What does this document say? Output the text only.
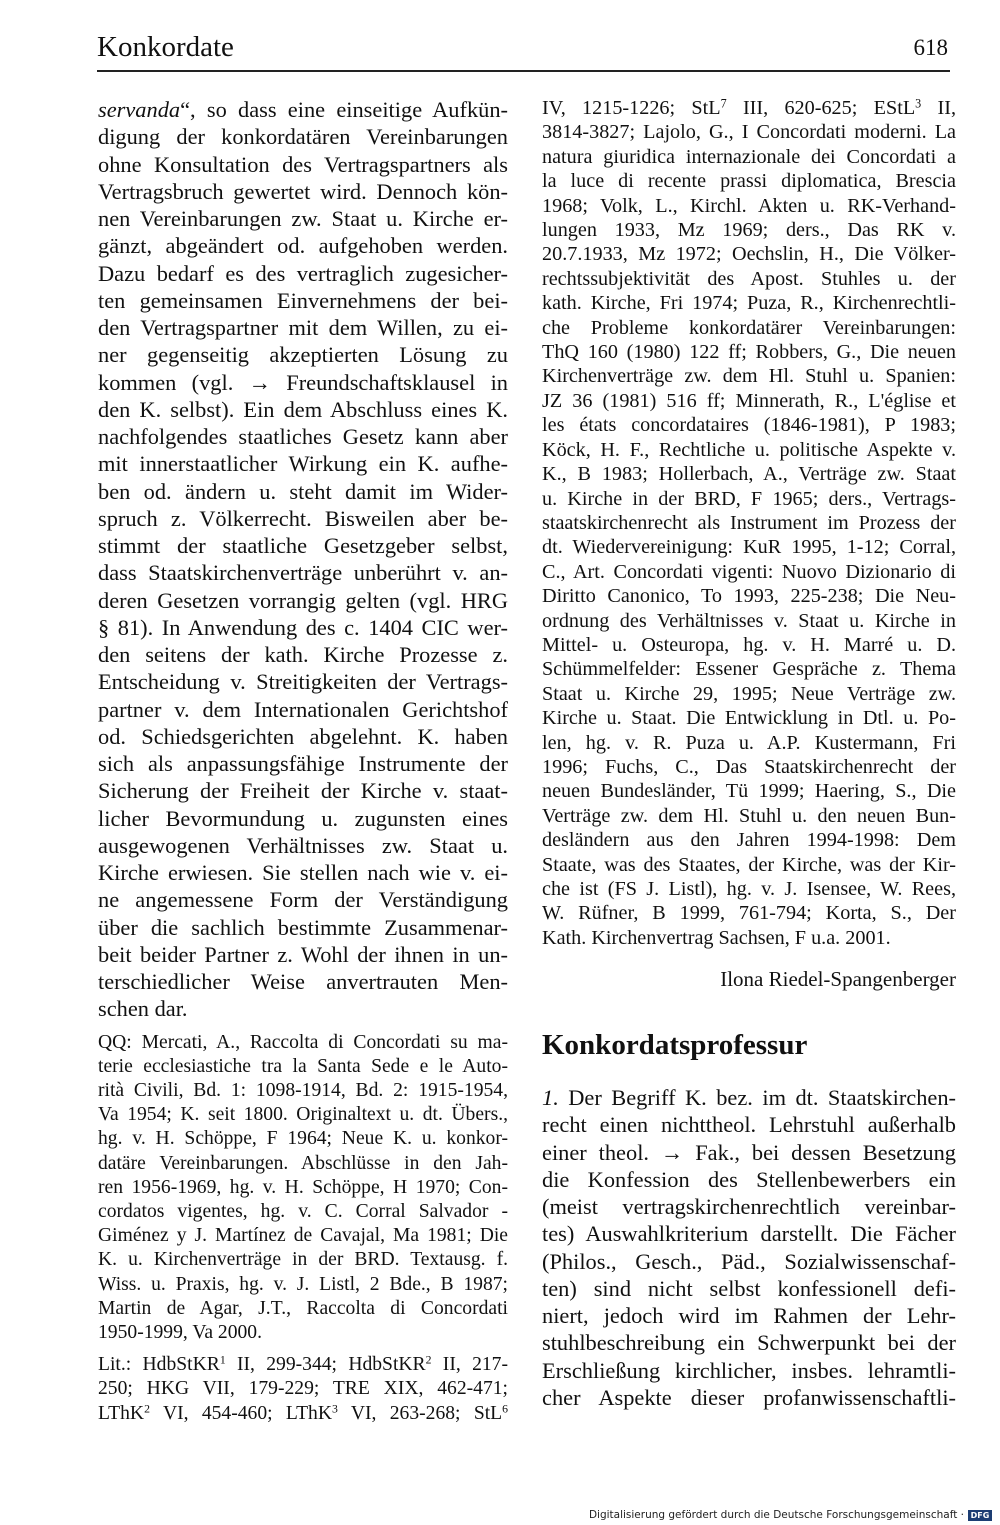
Konkordate	618
servanda“, so dass eine einseitige Aufkün-
digung der konkordatären Vereinbarungen
ohne Konsultation des Vertragspartners als
Vertragsbruch gewertet wird. Dennoch kön-
nen Vereinbarungen zw. Staat u. Kirche er-
gänzt, abgeändert od. aufgehoben werden.
Dazu bedarf es des vertraglich zugesicher-
ten gemeinsamen Einvernehmens der bei-
den Vertragspartner mit dem Willen, zu ei-
ner gegenseitig akzeptierten Lösung zu
kommen (vgl. → Freundschaftsklausel in
den K. selbst). Ein dem Abschluss eines K.
nachfolgendes staatliches Gesetz kann aber
mit innerstaatlicher Wirkung ein K. aufhe-
ben od. ändern u. steht damit im Wider-
spruch z. Völkerrecht. Bisweilen aber be-
stimmt der staatliche Gesetzgeber selbst,
dass Staatskirchenverträge unberührt v. an-
deren Gesetzen vorrangig gelten (vgl. HRG
§ 81). In Anwendung des c. 1404 CIC wer-
den seitens der kath. Kirche Prozesse z.
Entscheidung v. Streitigkeiten der Vertrags-
partner v. dem Internationalen Gerichtshof
od. Schiedsgerichten abgelehnt. K. haben
sich als anpassungsfähige Instrumente der
Sicherung der Freiheit der Kirche v. staat-
licher Bevormundung u. zugunsten eines
ausgewogenen Verhältnisses zw. Staat u.
Kirche erwiesen. Sie stellen nach wie v. ei-
ne angemessene Form der Verständigung
über die sachlich bestimmte Zusammenar-
beit beider Partner z. Wohl der ihnen in un-
terschiedlicher Weise anvertrauten Men-
schen dar.
QQ: Mercati, A., Raccolta di Concordati su ma-
terie ecclesiastiche tra la Santa Sede e le Auto-
rità Civili, Bd. 1: 1098-1914, Bd. 2: 1915-1954,
Va 1954; K. seit 1800. Originaltext u. dt. Übers.,
hg. v. H. Schöppe, F 1964; Neue K. u. konkor-
datäre Vereinbarungen. Abschlüsse in den Jah-
ren 1956-1969, hg. v. H. Schöppe, H 1970; Con-
cordatos vigentes, hg. v. C. Corral Salvador -
Giménez y J. Martínez de Cavajal, Ma 1981; Die
K. u. Kirchenverträge in der BRD. Textausg. f.
Wiss. u. Praxis, hg. v. J. Listl, 2 Bde., B 1987;
Martin de Agar, J.T., Raccolta di Concordati
1950-1999, Va 2000.
Lit.: HdbStKR$^1$ II, 299-344; HdbStKR$^2$ II, 217-
250; HKG VII, 179-229; TRE XIX, 462-471;
LThK$^2$ VI, 454-460; LThK$^3$ VI, 263-268; StL$^6$
IV, 1215-1226; StL$^7$ III, 620-625; EStL$^3$ II,
3814-3827; Lajolo, G., I Concordati moderni. La
natura giuridica internazionale dei Concordati a
la luce di recente prassi diplomatica, Brescia
1968; Volk, L., Kirchl. Akten u. RK-Verhand-
lungen 1933, Mz 1969; ders., Das RK v.
20.7.1933, Mz 1972; Oechslin, H., Die Völker-
rechtssubjektivität des Apost. Stuhles u. der
kath. Kirche, Fri 1974; Puza, R., Kirchenrechtli-
che Probleme konkordatärer Vereinbarungen:
ThQ 160 (1980) 122 ff; Robbers, G., Die neuen
Kirchenverträge zw. dem Hl. Stuhl u. Spanien:
JZ 36 (1981) 516 ff; Minnerath, R., L'église et
les états concordataires (1846-1981), P 1983;
Köck, H. F., Rechtliche u. politische Aspekte v.
K., B 1983; Hollerbach, A., Verträge zw. Staat
u. Kirche in der BRD, F 1965; ders., Vertrags-
staatskirchenrecht als Instrument im Prozess der
dt. Wiedervereinigung: KuR 1995, 1-12; Corral,
C., Art. Concordati vigenti: Nuovo Dizionario di
Diritto Canonico, To 1993, 225-238; Die Neu-
ordnung des Verhältnisses v. Staat u. Kirche in
Mittel- u. Osteuropa, hg. v. H. Marré u. D.
Schümmelfelder: Essener Gespräche z. Thema
Staat u. Kirche 29, 1995; Neue Verträge zw.
Kirche u. Staat. Die Entwicklung in Dtl. u. Po-
len, hg. v. R. Puza u. A.P. Kustermann, Fri
1996; Fuchs, C., Das Staatskirchenrecht der
neuen Bundesländer, Tü 1999; Haering, S., Die
Verträge zw. dem Hl. Stuhl u. den neuen Bun-
desländern aus den Jahren 1994-1998: Dem
Staate, was des Staates, der Kirche, was der Kir-
che ist (FS J. Listl), hg. v. J. Isensee, W. Rees,
W. Rüfner, B 1999, 761-794; Korta, S., Der
Kath. Kirchenvertrag Sachsen, F u.a. 2001.
Ilona Riedel-Spangenberger
Konkordatsprofessur
1. Der Begriff K. bez. im dt. Staatskirchen-
recht einen nichttheol. Lehrstuhl außerhalb
einer theol. → Fak., bei dessen Besetzung
die Konfession des Stellenbewerbers ein
(meist vertragskirchenrechtlich vereinbar-
tes) Auswahlkriterium darstellt. Die Fächer
(Philos., Gesch., Päd., Sozialwissenschaf-
ten) sind nicht selbst konfessionell defi-
niert, jedoch wird im Rahmen der Lehr-
stuhlbeschreibung ein Schwerpunkt bei der
Erschließung kirchlicher, insbes. lehramtli-
cher Aspekte dieser profanwissenschaftli-
Digitalisierung gefördert durch die Deutsche Forschungsgemeinschaft · DFG
